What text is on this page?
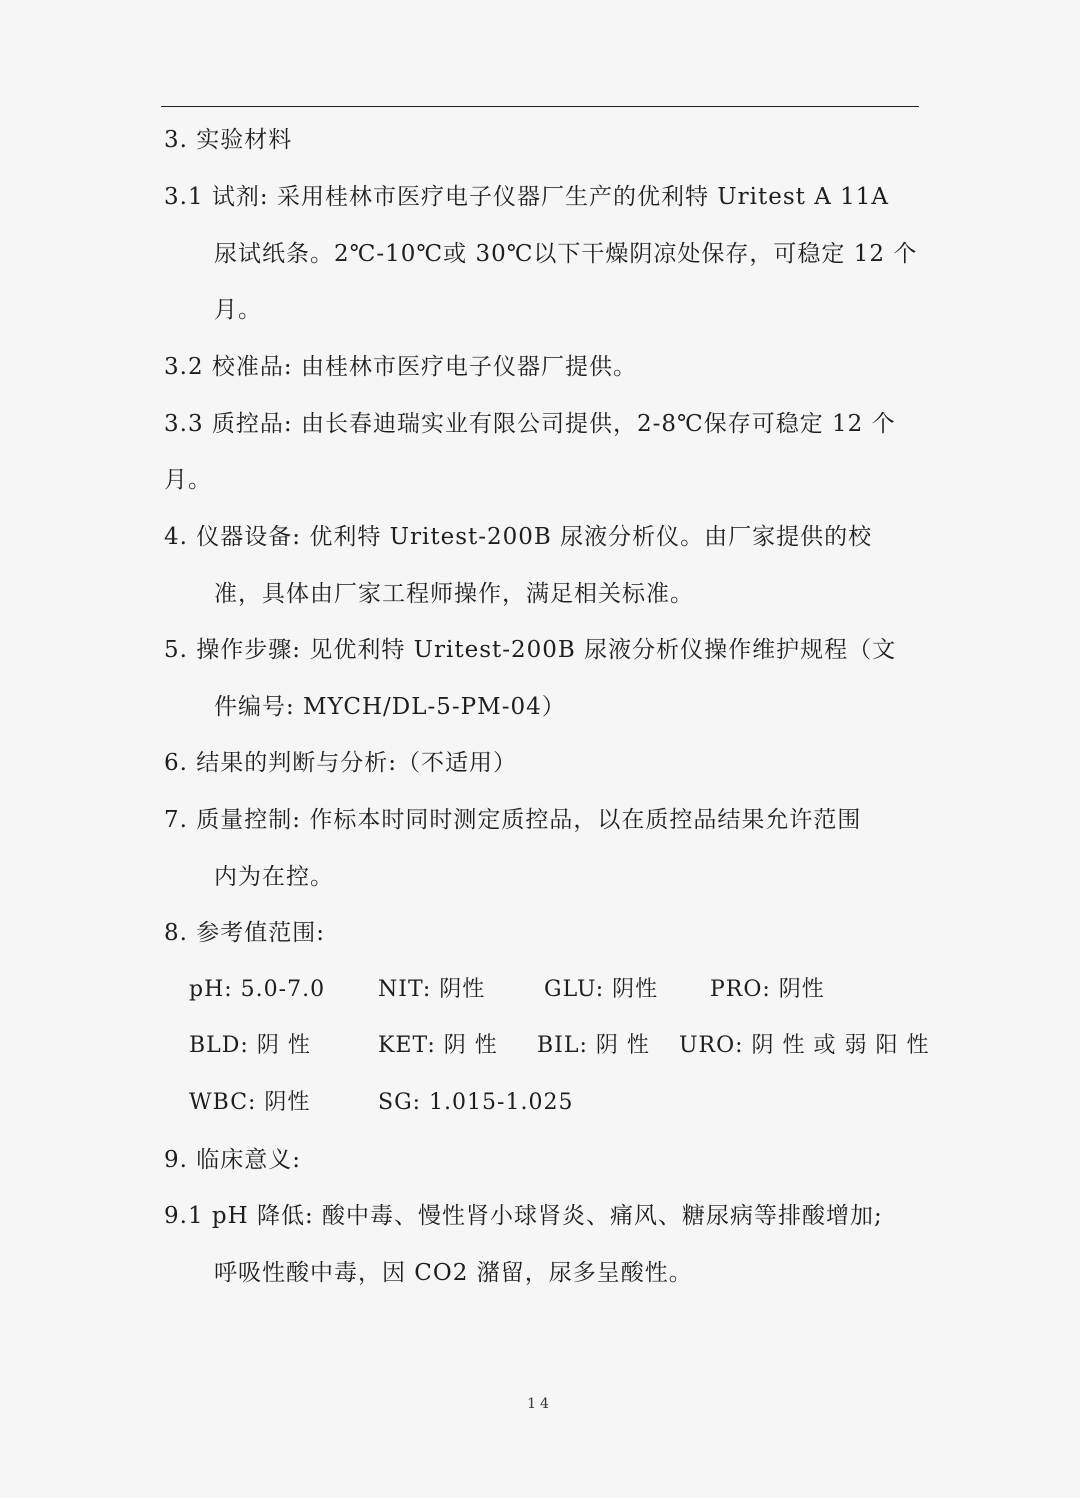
3. 实验材料
3.1 试剂: 采用桂林市医疗电子仪器厂生产的优利特 Uritest A 11A
尿试纸条。2℃-10℃或 30℃以下干燥阴凉处保存，可稳定 12 个
月。
3.2 校准品: 由桂林市医疗电子仪器厂提供。
3.3 质控品: 由长春迪瑞实业有限公司提供，2-8℃保存可稳定 12 个
月。
4. 仪器设备: 优利特 Uritest-200B 尿液分析仪。由厂家提供的校
准，具体由厂家工程师操作，满足相关标准。
5. 操作步骤: 见优利特 Uritest-200B 尿液分析仪操作维护规程（文
件编号: MYCH/DL-5-PM-04）
6. 结果的判断与分析:（不适用）
7. 质量控制: 作标本时同时测定质控品，以在质控品结果允许范围
内为在控。
8. 参考值范围:
pH: 5.0-7.0 NIT: 阴性	GLU: 阴性 PRO: 阴性
BLD: 阴 性	KET: 阴 性 BIL: 阴 性 URO: 阴 性 或 弱 阳 性
WBC: 阴性	SG: 1.015-1.025
9. 临床意义:
9.1 pH 降低: 酸中毒、慢性肾小球肾炎、痛风、糖尿病等排酸增加;
呼吸性酸中毒，因 CO2 潴留，尿多呈酸性。
14
